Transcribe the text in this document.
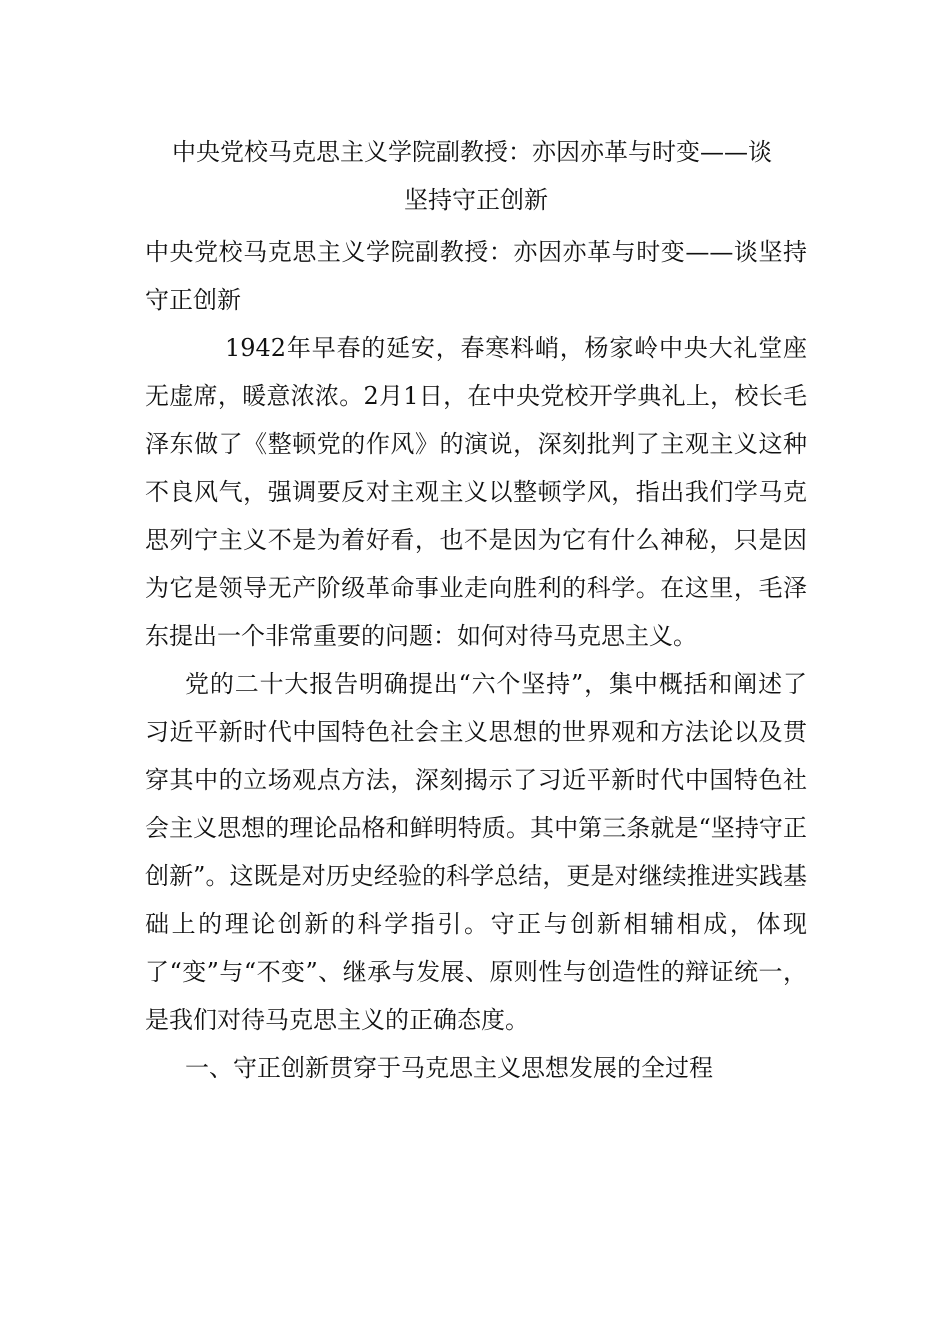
中央党校马克思主义学院副教授：亦因亦革与时变——谈
坚持守正创新

中央党校马克思主义学院副教授：亦因亦革与时变——谈坚持守正创新

1942年早春的延安，春寒料峭，杨家岭中央大礼堂座无虚席，暖意浓浓。2月1日，在中央党校开学典礼上，校长毛泽东做了《整顿党的作风》的演说，深刻批判了主观主义这种不良风气，强调要反对主观主义以整顿学风，指出我们学马克思列宁主义不是为着好看，也不是因为它有什么神秘，只是因为它是领导无产阶级革命事业走向胜利的科学。在这里，毛泽东提出一个非常重要的问题：如何对待马克思主义。

党的二十大报告明确提出“六个坚持”，集中概括和阐述了习近平新时代中国特色社会主义思想的世界观和方法论以及贯穿其中的立场观点方法，深刻揭示了习近平新时代中国特色社会主义思想的理论品格和鲜明特质。其中第三条就是“坚持守正创新”。这既是对历史经验的科学总结，更是对继续推进实践基础上的理论创新的科学指引。守正与创新相辅相成，体现了“变”与“不变”、继承与发展、原则性与创造性的辩证统一，是我们对待马克思主义的正确态度。

一、守正创新贯穿于马克思主义思想发展的全过程
